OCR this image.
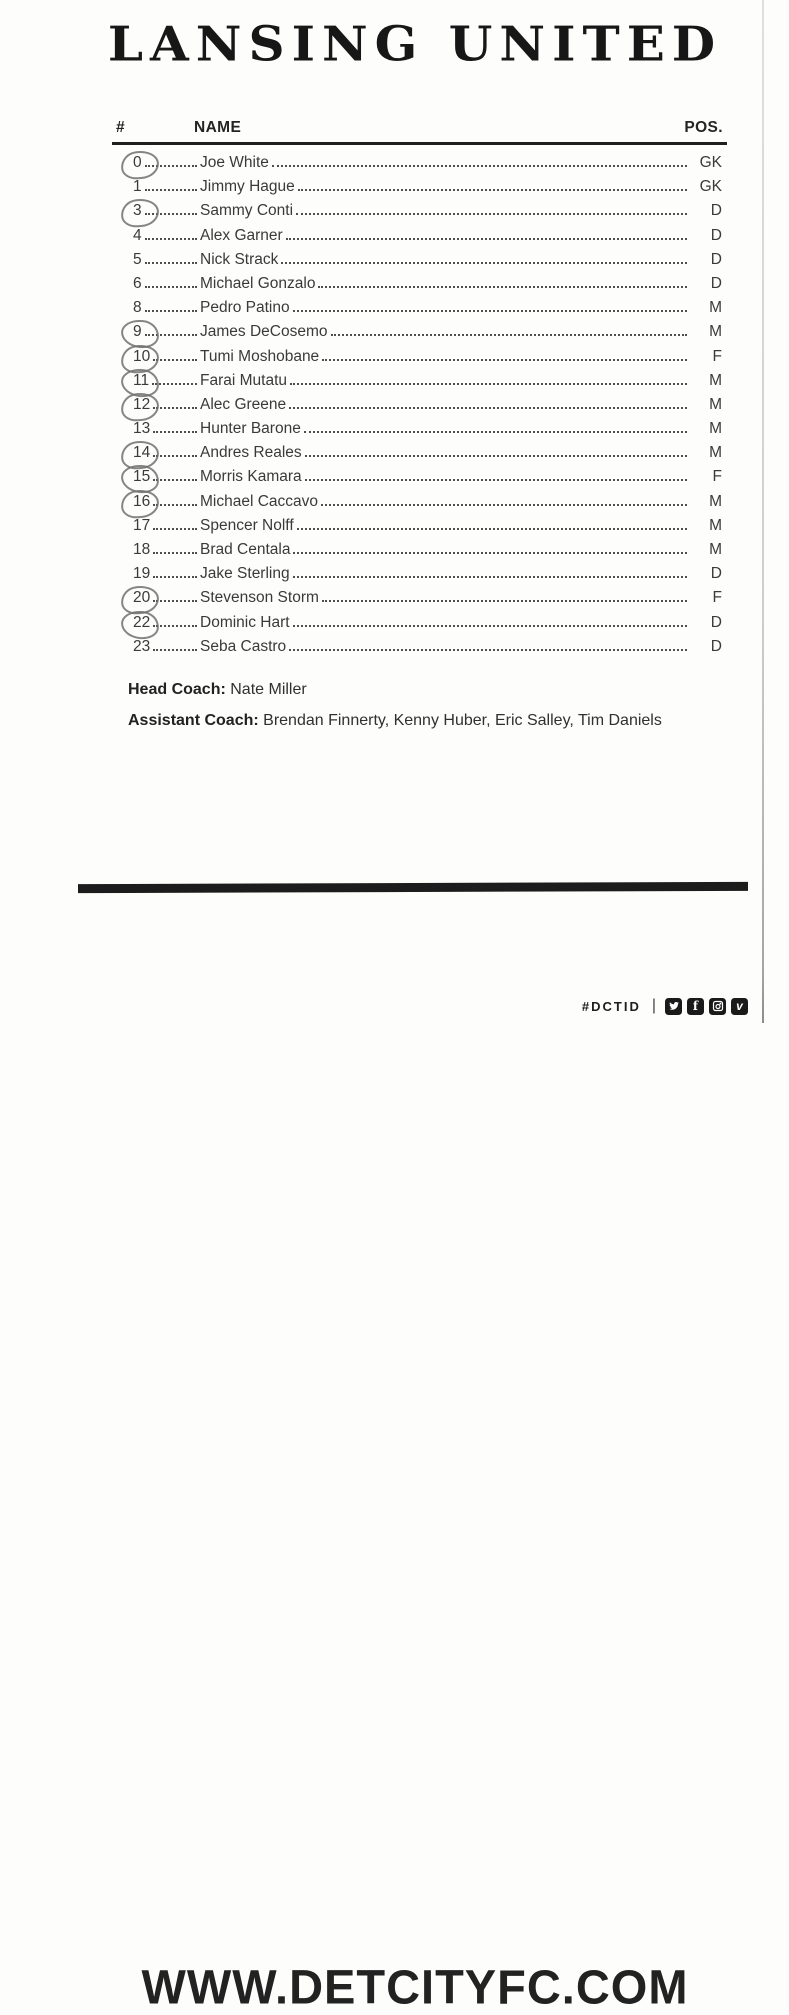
LANSING UNITED
#	NAME	POS.
0	Joe White	GK
1	Jimmy Hague	GK
3	Sammy Conti	D
4	Alex Garner	D
5	Nick Strack	D
6	Michael Gonzalo	D
8	Pedro Patino	M
9	James DeCosemo	M
10	Tumi Moshobane	F
11	Farai Mutatu	M
12	Alec Greene	M
13	Hunter Barone	M
14	Andres Reales	M
15	Morris Kamara	F
16	Michael Caccavo	M
17	Spencer Nolff	M
18	Brad Centala	M
19	Jake Sterling	D
20	Stevenson Storm	F
22	Dominic Hart	D
23	Seba Castro	D
Head Coach: Nate Miller
Assistant Coach: Brendan Finnerty, Kenny Huber, Eric Salley, Tim Daniels
WWW.DETCITYFC.COM
#DCTID |	f	v
